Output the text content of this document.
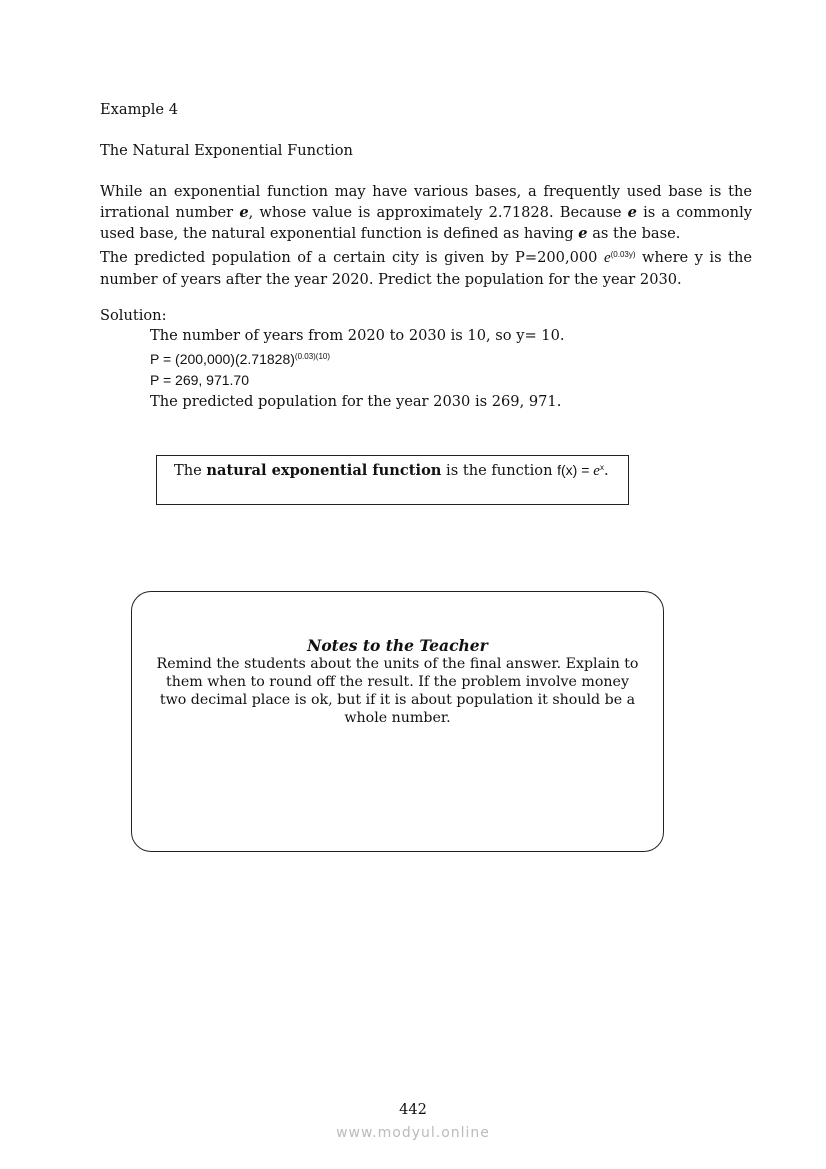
Example 4
The Natural Exponential Function
While an exponential function may have various bases, a frequently used base is the
irrational number e, whose value is approximately 2.71828. Because e is a commonly
used base, the natural exponential function is defined as having e as the base.
The predicted population of a certain city is given by P=200,000 $e^{(0.03y)}$ where y is the
number of years after the year 2020. Predict the population for the year 2030.
Solution:
The number of years from 2020 to 2030 is 10, so y= 10.
$P = (200,000)(2.71828)^{(0.03)(10)}$
P = 269, 971.70
The predicted population for the year 2030 is 269, 971.
The natural exponential function is the function $f(x) = e^x$.
Notes to the Teacher
Remind the students about the units of the final answer. Explain to them when to round off the result. If the problem involve money two decimal place is ok, but if it is about population it should be a whole number.
442
www.modyul.online
